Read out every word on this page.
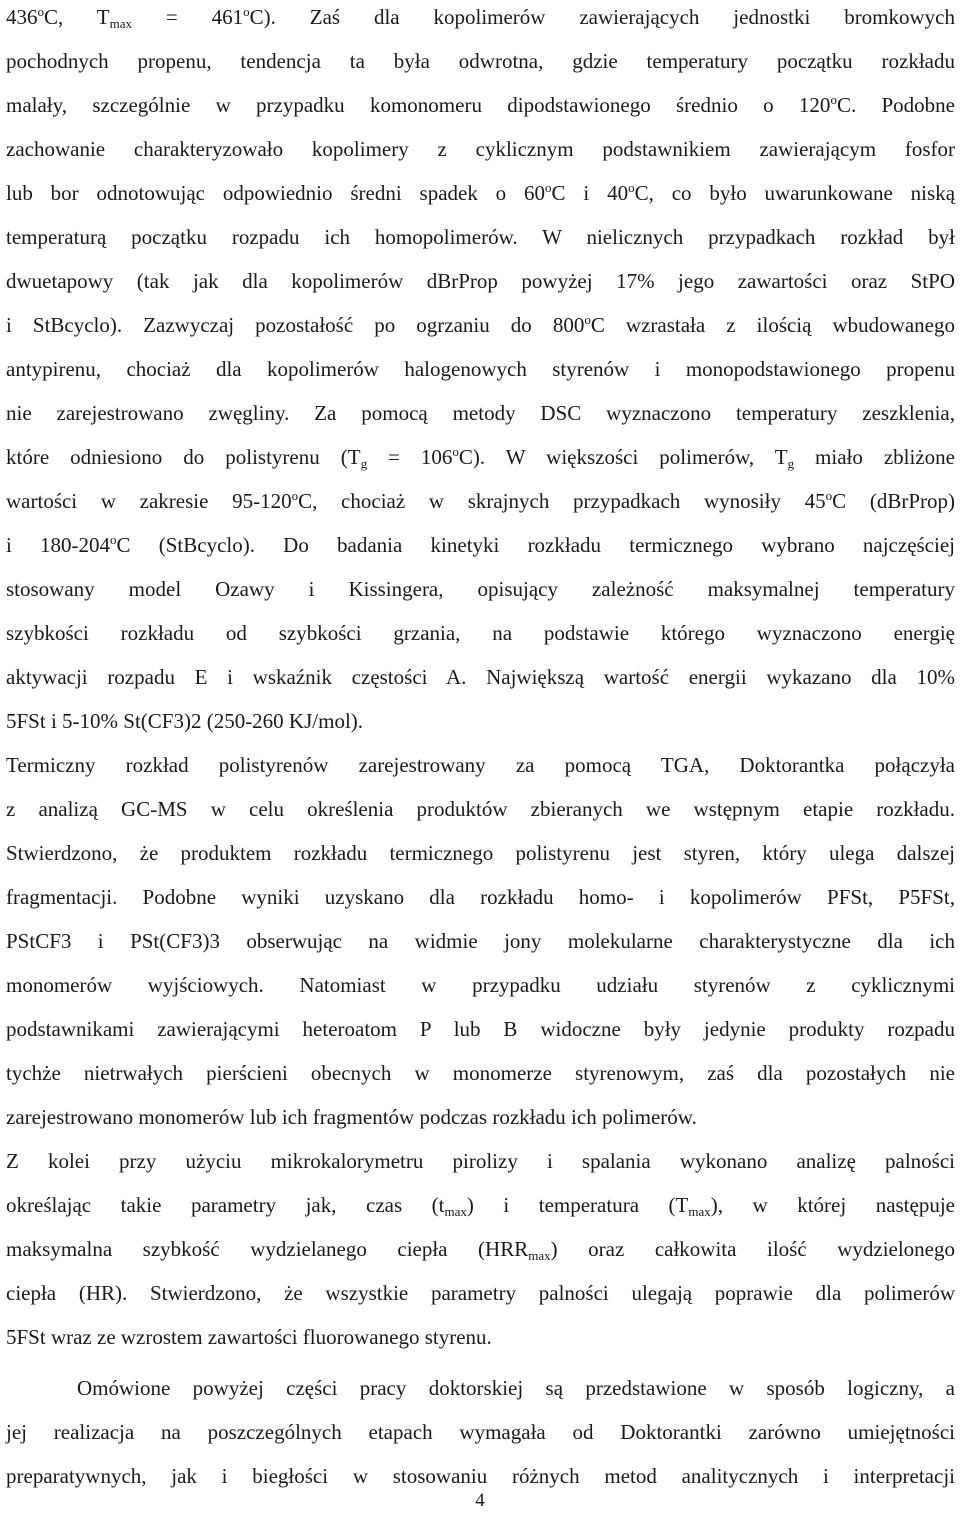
436$^o$C, $T_{max} = 461^oC$). Zaś dla kopolimerów zawierających jednostki bromkowych
pochodnych propenu, tendencja ta była odwrotna, gdzie temperatury początku rozkładu
malały, szczególnie w przypadku komonomeru dipodstawionego średnio o 120$^o$C. Podobne
zachowanie charakteryzowało kopolimery z cyklicznym podstawnikiem zawierającym fosfor
lub bor odnotowując odpowiednio średni spadek o 60$^o$C i 40$^o$C, co było uwarunkowane niską
temperaturą początku rozpadu ich homopolimerów. W nielicznych przypadkach rozkład był
dwuetapowy (tak jak dla kopolimerów dBrProp powyżej 17% jego zawartości oraz StPO
i StBcyclo). Zazwyczaj pozostałość po ogrzaniu do 800$^o$C wzrastała z ilością wbudowanego
antypirenu, chociaż dla kopolimerów halogenowych styrenów i monopodstawionego propenu
nie zarejestrowano zwęgliny. Za pomocą metody DSC wyznaczono temperatury zeszklenia,
które odniesiono do polistyrenu $(T_g = 106^oC)$. W większości polimerów, $T_g$ miało zbliżone
wartości w zakresie 95-120$^o$C, chociaż w skrajnych przypadkach wynosiły 45$^o$C (dBrProp)
i 180-204$^o$C (StBcyclo). Do badania kinetyki rozkładu termicznego wybrano najczęściej
stosowany model Ozawy i Kissingera, opisujący zależność maksymalnej temperatury
szybkości rozkładu od szybkości grzania, na podstawie którego wyznaczono energię
aktywacji rozpadu E i wskaźnik częstości A. Największą wartość energii wykazano dla 10%
5FSt i 5-10% St(CF3)2 (250-260 KJ/mol).
Termiczny rozkład polistyrenów zarejestrowany za pomocą TGA, Doktorantka połączyła
z analizą GC-MS w celu określenia produktów zbieranych we wstępnym etapie rozkładu.
Stwierdzono, że produktem rozkładu termicznego polistyrenu jest styren, który ulega dalszej
fragmentacji. Podobne wyniki uzyskano dla rozkładu homo- i kopolimerów PFSt, P5FSt,
PStCF3 i PSt(CF3)3 obserwując na widmie jony molekularne charakterystyczne dla ich
monomerów wyjściowych. Natomiast w przypadku udziału styrenów z cyklicznymi
podstawnikami zawierającymi heteroatom P lub B widoczne były jedynie produkty rozpadu
tychże nietrwałych pierścieni obecnych w monomerze styrenowym, zaś dla pozostałych nie
zarejestrowano monomerów lub ich fragmentów podczas rozkładu ich polimerów.
Z kolei przy użyciu mikrokalorymetru pirolizy i spalania wykonano analizę palności
określając takie parametry jak, czas $(t_{max})$ i temperatura $(T_{max})$, w której następuje
maksymalna szybkość wydzielanego ciepła $(HRR_{max})$ oraz całkowita ilość wydzielonego
ciepła (HR). Stwierdzono, że wszystkie parametry palności ulegają poprawie dla polimerów
5FSt wraz ze wzrostem zawartości fluorowanego styrenu.
Omówione powyżej części pracy doktorskiej są przedstawione w sposób logiczny, a
jej realizacja na poszczególnych etapach wymagała od Doktorantki zarówno umiejętności
preparatywnych, jak i biegłości w stosowaniu różnych metod analitycznych i interpretacji
4
